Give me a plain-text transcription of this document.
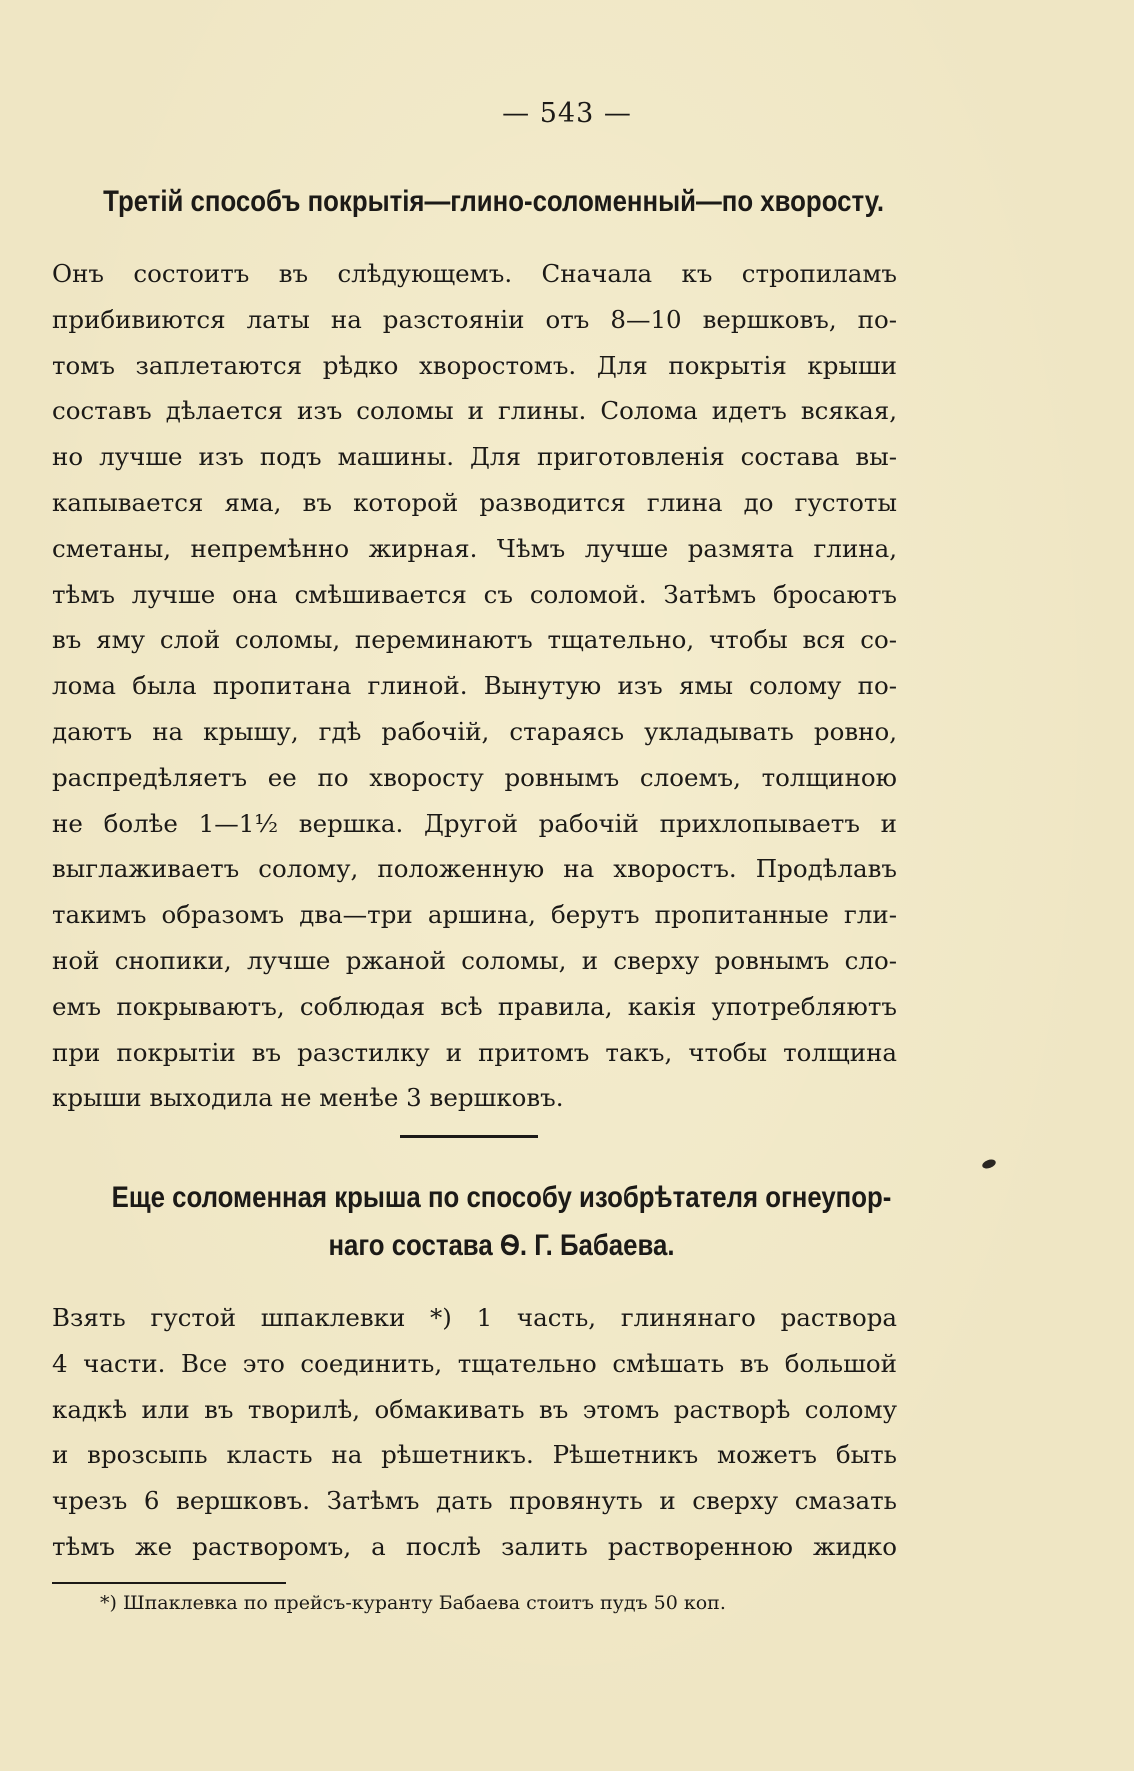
— 543 —
Третій способъ покрытія—глино-соломенный—по хворосту.
Онъ состоитъ въ слѣдующемъ. Сначала къ стропиламъ
прибивиются латы на разстояніи отъ 8—10 вершковъ, по-
томъ заплетаются рѣдко хворостомъ. Для покрытія крыши
составъ дѣлается изъ соломы и глины. Солома идетъ всякая,
но лучше изъ подъ машины. Для приготовленія состава вы-
капывается яма, въ которой разводится глина до густоты
сметаны, непремѣнно жирная. Чѣмъ лучше размята глина,
тѣмъ лучше она смѣшивается съ соломой. Затѣмъ бросаютъ
въ яму слой соломы, переминаютъ тщательно, чтобы вся со-
лома была пропитана глиной. Вынутую изъ ямы солому по-
даютъ на крышу, гдѣ рабочій, стараясь укладывать ровно,
распредѣляетъ ее по хворосту ровнымъ слоемъ, толщиною
не болѣе 1—1½ вершка. Другой рабочій прихлопываетъ и
выглаживаетъ солому, положенную на хворостъ. Продѣлавъ
такимъ образомъ два—три аршина, берутъ пропитанные гли-
ной снопики, лучше ржаной соломы, и сверху ровнымъ сло-
емъ покрываютъ, соблюдая всѣ правила, какія употребляютъ
при покрытіи въ разстилку и притомъ такъ, чтобы толщина
крыши выходила не менѣе 3 вершковъ.
Еще соломенная крыша по способу изобрѣтателя огнеупор-
наго состава Ѳ. Г. Бабаева.
Взять густой шпаклевки *) 1 часть, глинянаго раствора
4 части. Все это соединить, тщательно смѣшать въ большой
кадкѣ или въ творилѣ, обмакивать въ этомъ растворѣ солому
и врозсыпь класть на рѣшетникъ. Рѣшетникъ можетъ быть
чрезъ 6 вершковъ. Затѣмъ дать провянуть и сверху смазать
тѣмъ же растворомъ, а послѣ залить растворенною жидко
*) Шпаклевка по прейсъ-куранту Бабаева стоитъ пудъ 50 коп.
